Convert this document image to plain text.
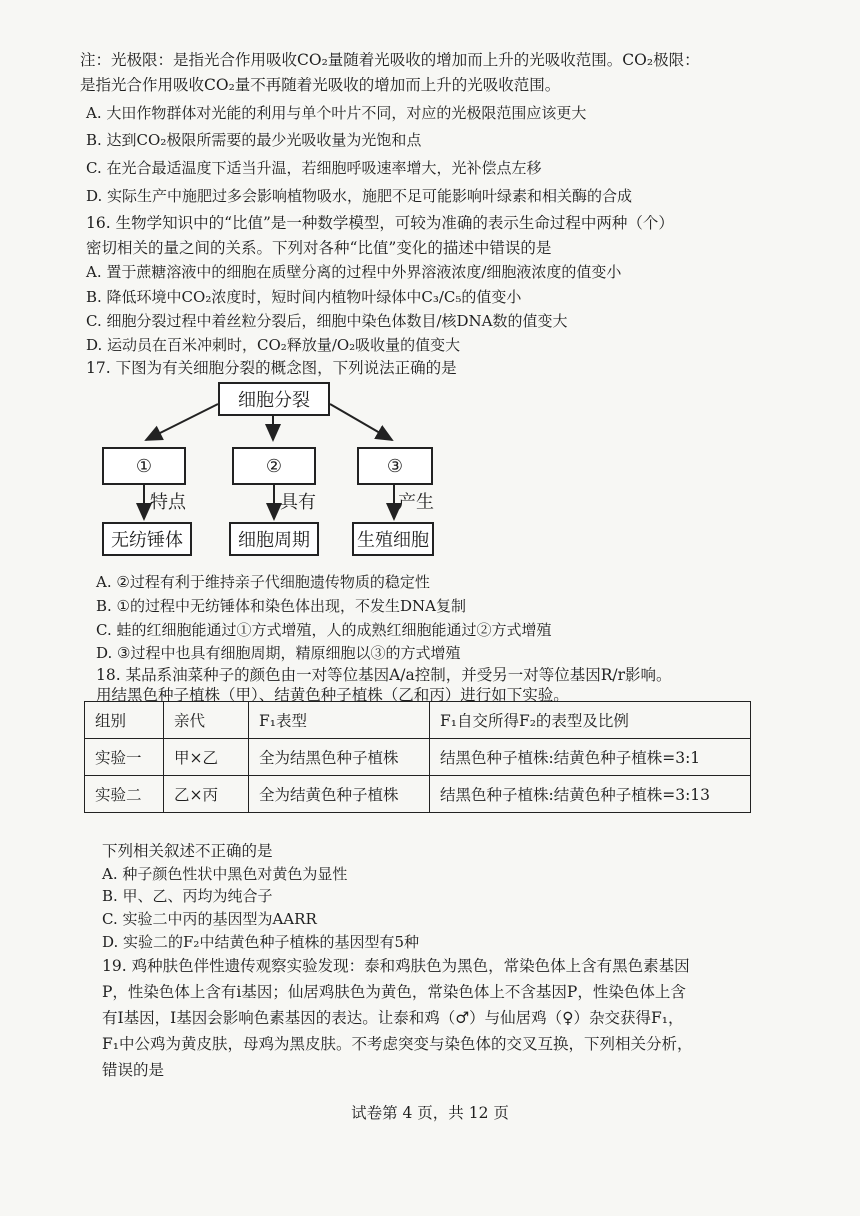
注：光极限：是指光合作用吸收CO₂量随着光吸收的增加而上升的光吸收范围。CO₂极限：
是指光合作用吸收CO₂量不再随着光吸收的增加而上升的光吸收范围。
A. 大田作物群体对光能的利用与单个叶片不同，对应的光极限范围应该更大
B. 达到CO₂极限所需要的最少光吸收量为光饱和点
C. 在光合最适温度下适当升温，若细胞呼吸速率增大，光补偿点左移
D. 实际生产中施肥过多会影响植物吸水，施肥不足可能影响叶绿素和相关酶的合成
16. 生物学知识中的“比值”是一种数学模型，可较为准确的表示生命过程中两种（个）
密切相关的量之间的关系。下列对各种“比值”变化的描述中错误的是
A. 置于蔗糖溶液中的细胞在质壁分离的过程中外界溶液浓度/细胞液浓度的值变小
B. 降低环境中CO₂浓度时，短时间内植物叶绿体中C₃/C₅的值变小
C. 细胞分裂过程中着丝粒分裂后，细胞中染色体数目/核DNA数的值变大
D. 运动员在百米冲刺时，CO₂释放量/O₂吸收量的值变大
17. 下图为有关细胞分裂的概念图，下列说法正确的是
细胞分裂
①	②	③
特点	具有	产生
无纺锤体	细胞周期	生殖细胞
A. ②过程有利于维持亲子代细胞遗传物质的稳定性
B. ①的过程中无纺锤体和染色体出现，不发生DNA复制
C. 蛙的红细胞能通过①方式增殖，人的成熟红细胞能通过②方式增殖
D. ③过程中也具有细胞周期，精原细胞以③的方式增殖
18. 某品系油菜种子的颜色由一对等位基因A/a控制，并受另一对等位基因R/r影响。
用结黑色种子植株（甲）、结黄色种子植株（乙和丙）进行如下实验。
组别	亲代	F₁表型	F₁自交所得F₂的表型及比例
实验一	甲×乙	全为结黑色种子植株	结黑色种子植株:结黄色种子植株=3:1
实验二	乙×丙	全为结黄色种子植株	结黑色种子植株:结黄色种子植株=3:13
下列相关叙述不正确的是
A. 种子颜色性状中黑色对黄色为显性
B. 甲、乙、丙均为纯合子
C. 实验二中丙的基因型为AARR
D. 实验二的F₂中结黄色种子植株的基因型有5种
19. 鸡种肤色伴性遗传观察实验发现：泰和鸡肤色为黑色，常染色体上含有黑色素基因
P，性染色体上含有i基因；仙居鸡肤色为黄色，常染色体上不含基因P，性染色体上含
有I基因，I基因会影响色素基因的表达。让泰和鸡（♂）与仙居鸡（♀）杂交获得F₁，
F₁中公鸡为黄皮肤，母鸡为黑皮肤。不考虑突变与染色体的交叉互换，下列相关分析，
错误的是
试卷第 4 页，共 12 页
